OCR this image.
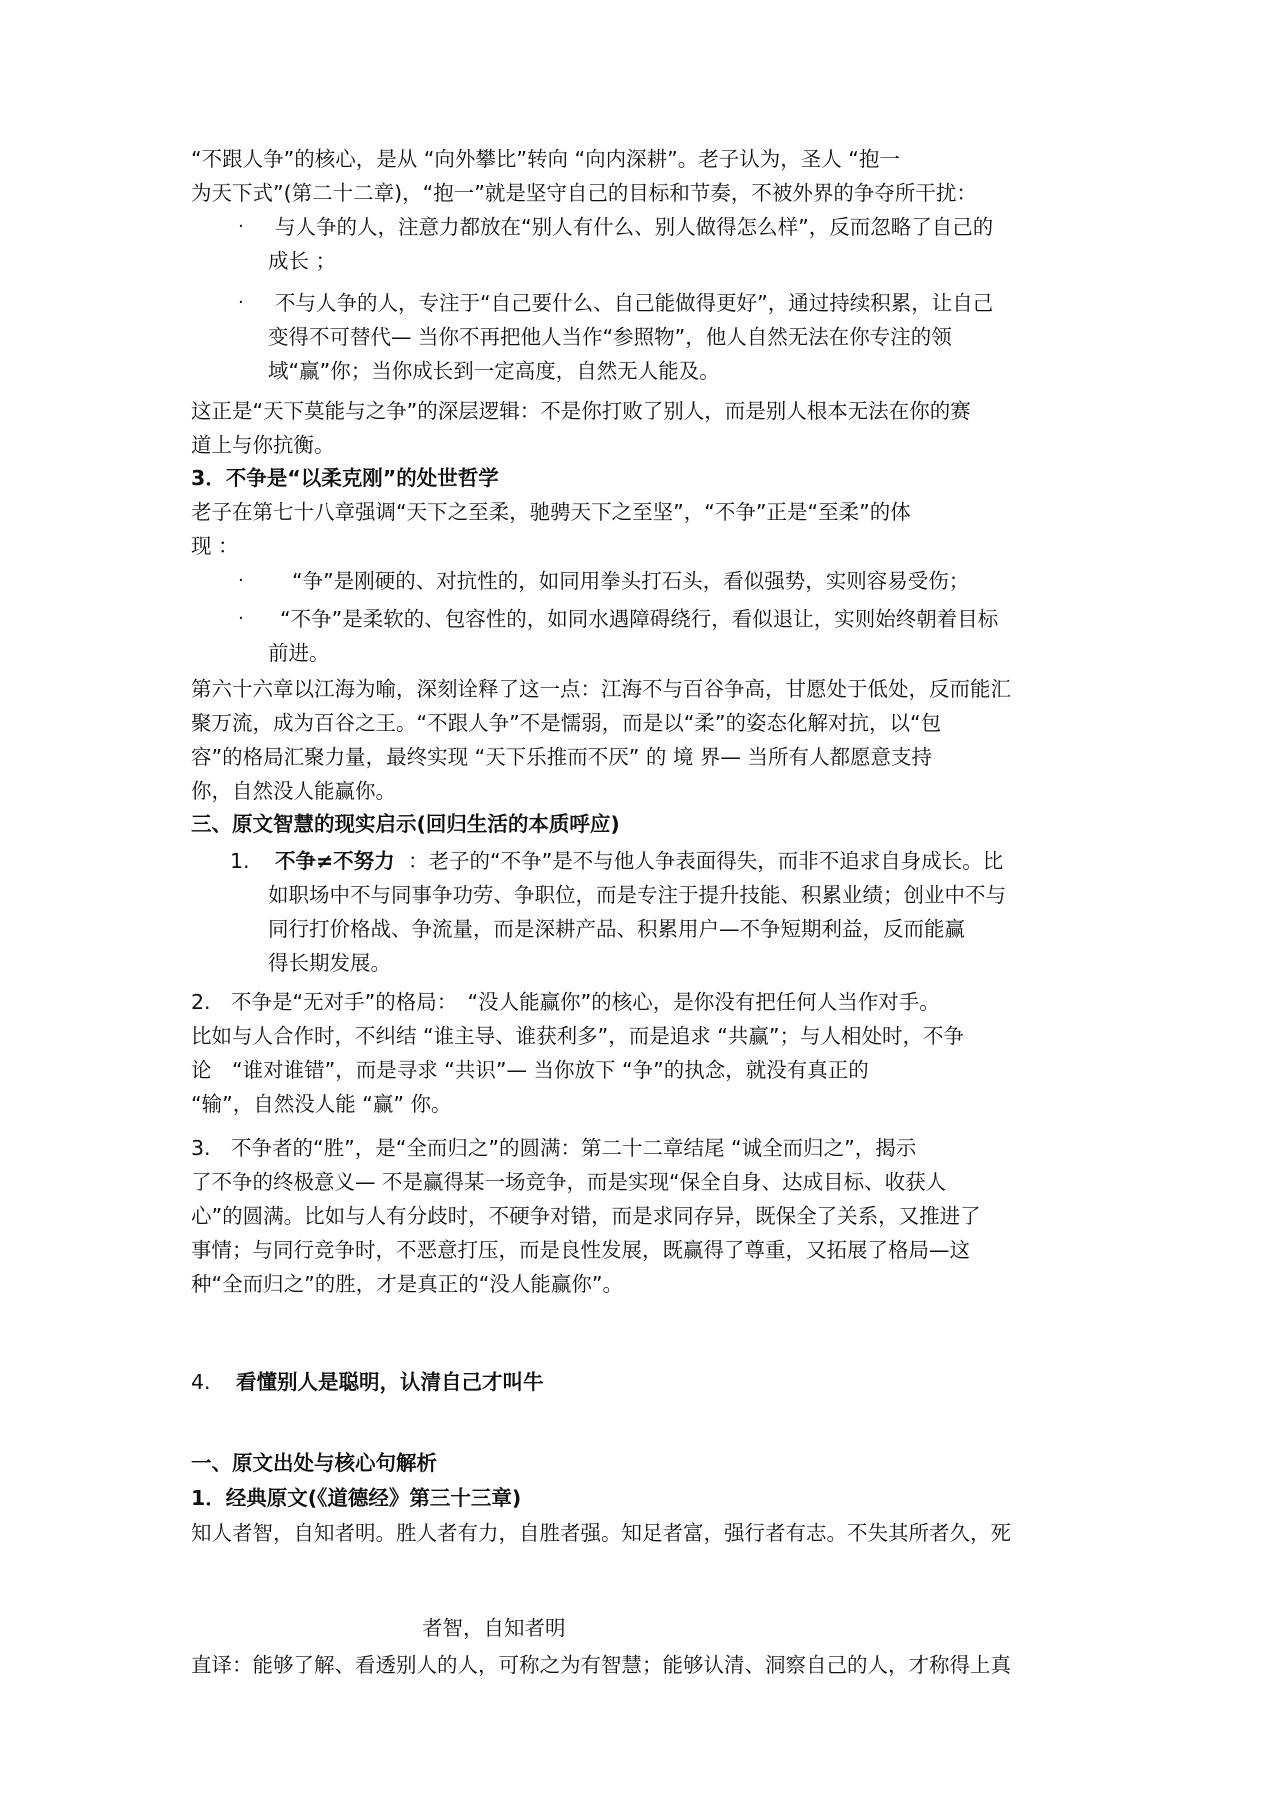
“不跟人争”的核心，是从 “向外攀比”转向 “向内深耕”。老子认为，圣人 “抱一
为天下式”(第二十二章)，“抱一”就是坚守自己的目标和节奏，不被外界的争夺所干扰：
· 与人争的人，注意力都放在“别人有什么、别人做得怎么样”，反而忽略了自己的
成长 ；
· 不与人争的人，专注于“自己要什么、自己能做得更好”，通过持续积累，让自己
变得不可替代— 当你不再把他人当作“参照物”，他人自然无法在你专注的领
域“赢”你；当你成长到一定高度，自然无人能及。
这正是“天下莫能与之争”的深层逻辑：不是你打败了别人，而是别人根本无法在你的赛
道上与你抗衡。
3．不争是“以柔克刚”的处世哲学
老子在第七十八章强调“天下之至柔，驰骋天下之至坚”，“不争”正是“至柔”的体
现 ：
· “争”是刚硬的、对抗性的，如同用拳头打石头，看似强势，实则容易受伤；
· “不争”是柔软的、包容性的，如同水遇障碍绕行，看似退让，实则始终朝着目标
前进。
第六十六章以江海为喻，深刻诠释了这一点：江海不与百谷争高，甘愿处于低处，反而能汇
聚万流，成为百谷之王。“不跟人争”不是懦弱，而是以“柔”的姿态化解对抗，以“包
容”的格局汇聚力量，最终实现 “天下乐推而不厌” 的 境 界— 当所有人都愿意支持
你，自然没人能赢你。
三、原文智慧的现实启示(回归生活的本质呼应)
1. 不争≠不努力 ：老子的“不争”是不与他人争表面得失，而非不追求自身成长。比
如职场中不与同事争功劳、争职位，而是专注于提升技能、积累业绩；创业中不与
同行打价格战、争流量，而是深耕产品、积累用户—不争短期利益，反而能赢
得长期发展。
2.　不争是“无对手”的格局：　“没人能赢你”的核心，是你没有把任何人当作对手。
比如与人合作时，不纠结 “谁主导、谁获利多”，而是追求 “共赢”；与人相处时，不争
论　“谁对谁错”，而是寻求 “共识”— 当你放下 “争”的执念，就没有真正的
“输”，自然没人能 “赢” 你。
3.　不争者的“胜”，是“全而归之”的圆满：第二十二章结尾 “诚全而归之”，揭示
了不争的终极意义— 不是赢得某一场竞争，而是实现“保全自身、达成目标、收获人
心”的圆满。比如与人有分歧时，不硬争对错，而是求同存异，既保全了关系，又推进了
事情；与同行竞争时，不恶意打压，而是良性发展，既赢得了尊重，又拓展了格局—这
种“全而归之”的胜，才是真正的“没人能赢你”。
4. 看懂别人是聪明，认清自己才叫牛
一、原文出处与核心句解析
1．经典原文(《道德经》第三十三章)
知人者智，自知者明。胜人者有力，自胜者强。知足者富，强行者有志。不失其所者久，死
者智，自知者明
直译：能够了解、看透别人的人，可称之为有智慧；能够认清、洞察自己的人，才称得上真
